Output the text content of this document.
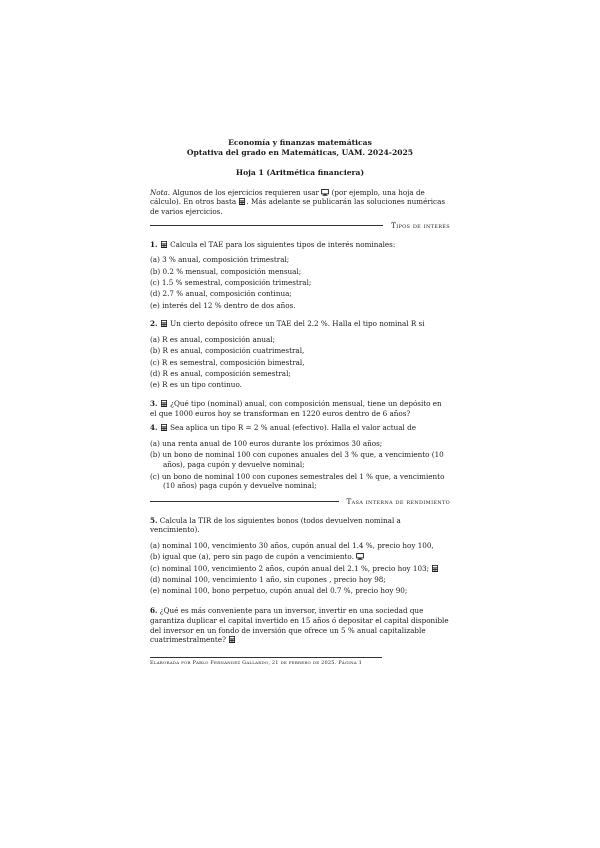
Economía y finanzas matemáticas
Optativa del grado en Matemáticas, UAM. 2024-2025
Hoja 1 (Aritmética financiera)
Nota. Algunos de los ejercicios requieren usar
(por ejemplo, una hoja de cálculo). En otros basta
. Más adelante se publicarán las soluciones numéricas de varios ejercicios.
Tipos de interés
1.
Calcula el TAE para los siguientes tipos de interés nominales:
(a) 3 % anual, composición trimestral;
(b) 0.2 % mensual, composición mensual;
(c) 1.5 % semestral, composición trimestral;
(d) 2.7 % anual, composición continua;
(e) interés del 12 % dentro de dos años.
2.
Un cierto depósito ofrece un TAE del 2.2 %. Halla el tipo nominal R si
(a) R es anual, composición anual;
(b) R es anual, composición cuatrimestral,
(c) R es semestral, composición bimestral,
(d) R es anual, composición semestral;
(e) R es un tipo continuo.
3.
¿Qué tipo (nominal) anual, con composición mensual, tiene un depósito en el que 1000 euros hoy se transforman en 1220 euros dentro de 6 años?
4.
Sea aplica un tipo R = 2 % anual (efectivo). Halla el valor actual de
(a) una renta anual de 100 euros durante los próximos 30 años;
(b) un bono de nominal 100 con cupones anuales del 3 % que, a vencimiento (10 años), paga cupón y devuelve nominal;
(c) un bono de nominal 100 con cupones semestrales del 1 % que, a vencimiento (10 años) paga cupón y devuelve nominal;
Tasa interna de rendimiento
5. Calcula la TIR de los siguientes bonos (todos devuelven nominal a vencimiento).
(a) nominal 100, vencimiento 30 años, cupón anual del 1.4 %, precio hoy 100,
(b) igual que (a), pero sin pago de cupón a vencimiento.
(c) nominal 100, vencimiento 2 años, cupón anual del 2.1 %, precio hoy 103;
(d) nominal 100, vencimiento 1 año, sin cupones , precio hoy 98;
(e) nominal 100, bono perpetuo, cupón anual del 0.7 %, precio hoy 90;
6. ¿Qué es más conveniente para un inversor, invertir en una sociedad que garantiza duplicar el capital invertido en 15 años ó depositar el capital disponible del inversor en un fondo de inversión que ofrece un 5 % anual capitalizable cuatrimestralmente?
Elaborada por Pablo Fernández Gallardo, 21 de febrero de 2025. Página 1
